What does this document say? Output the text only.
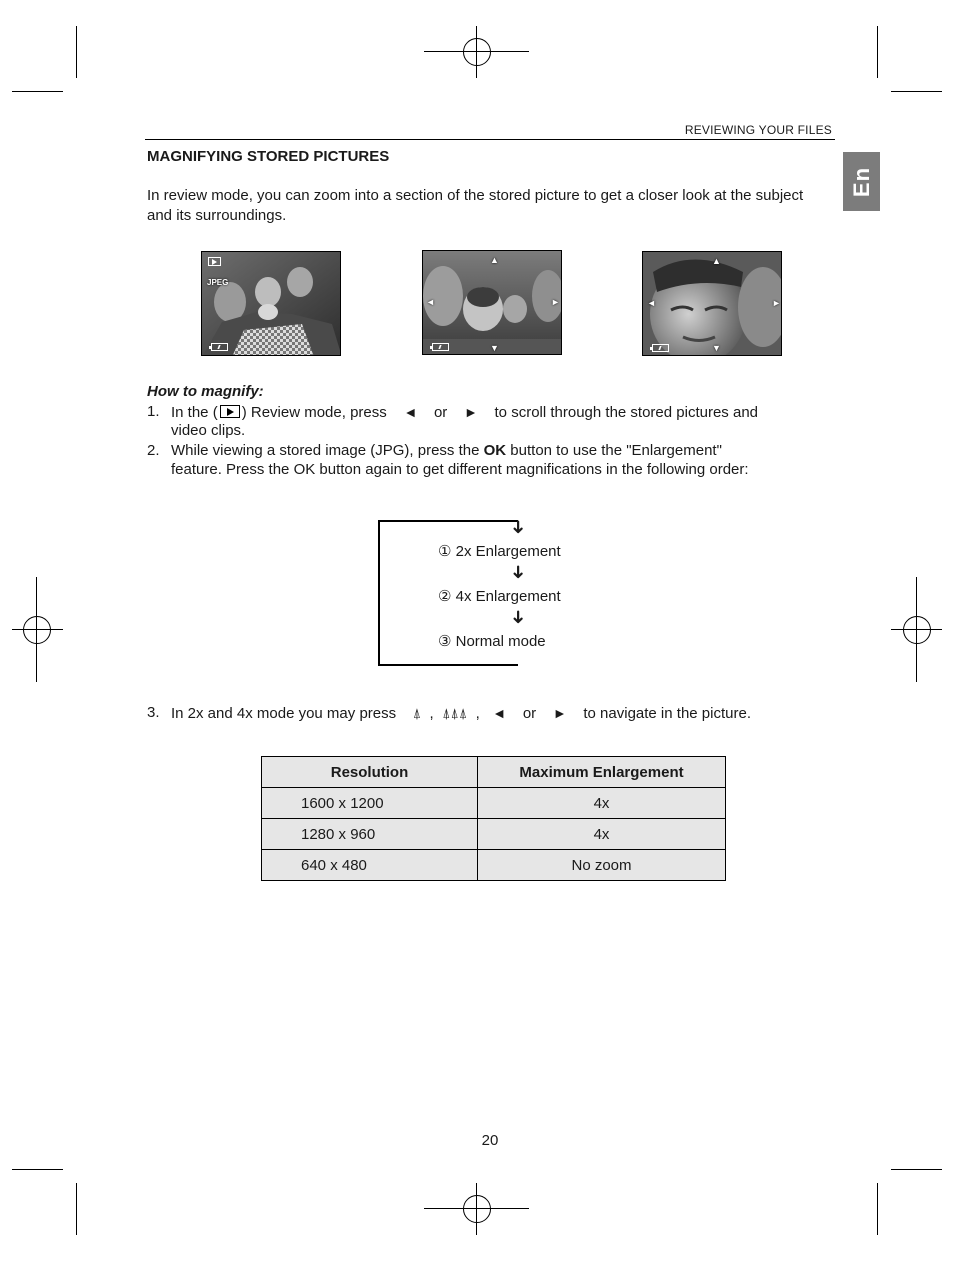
REVIEWING YOUR FILES
En
MAGNIFYING STORED PICTURES
In review mode, you can zoom into a section of the stored picture to get a closer look at the subject and its surroundings.
JPEG
▲
◄	►
▼
▲
◄	►
▼
How to magnify:
1. In the ( ) Review mode, press ◄ or ► to scroll through the stored pictures and
video clips.
2. While viewing a stored image (JPG), press the OK button to use the "Enlargement"
feature. Press the OK button again to get different magnifications in the following order:
➜
① 2x Enlargement
➜
② 4x Enlargement
➜
③ Normal mode
3. In 2x and 4x mode you may press ⍋ , ⍋⍋⍋ , ◄ or ► to navigate in the picture.
Resolution	Maximum Enlargement
1600 x 1200	4x
1280 x 960	4x
640 x 480	No zoom
20
